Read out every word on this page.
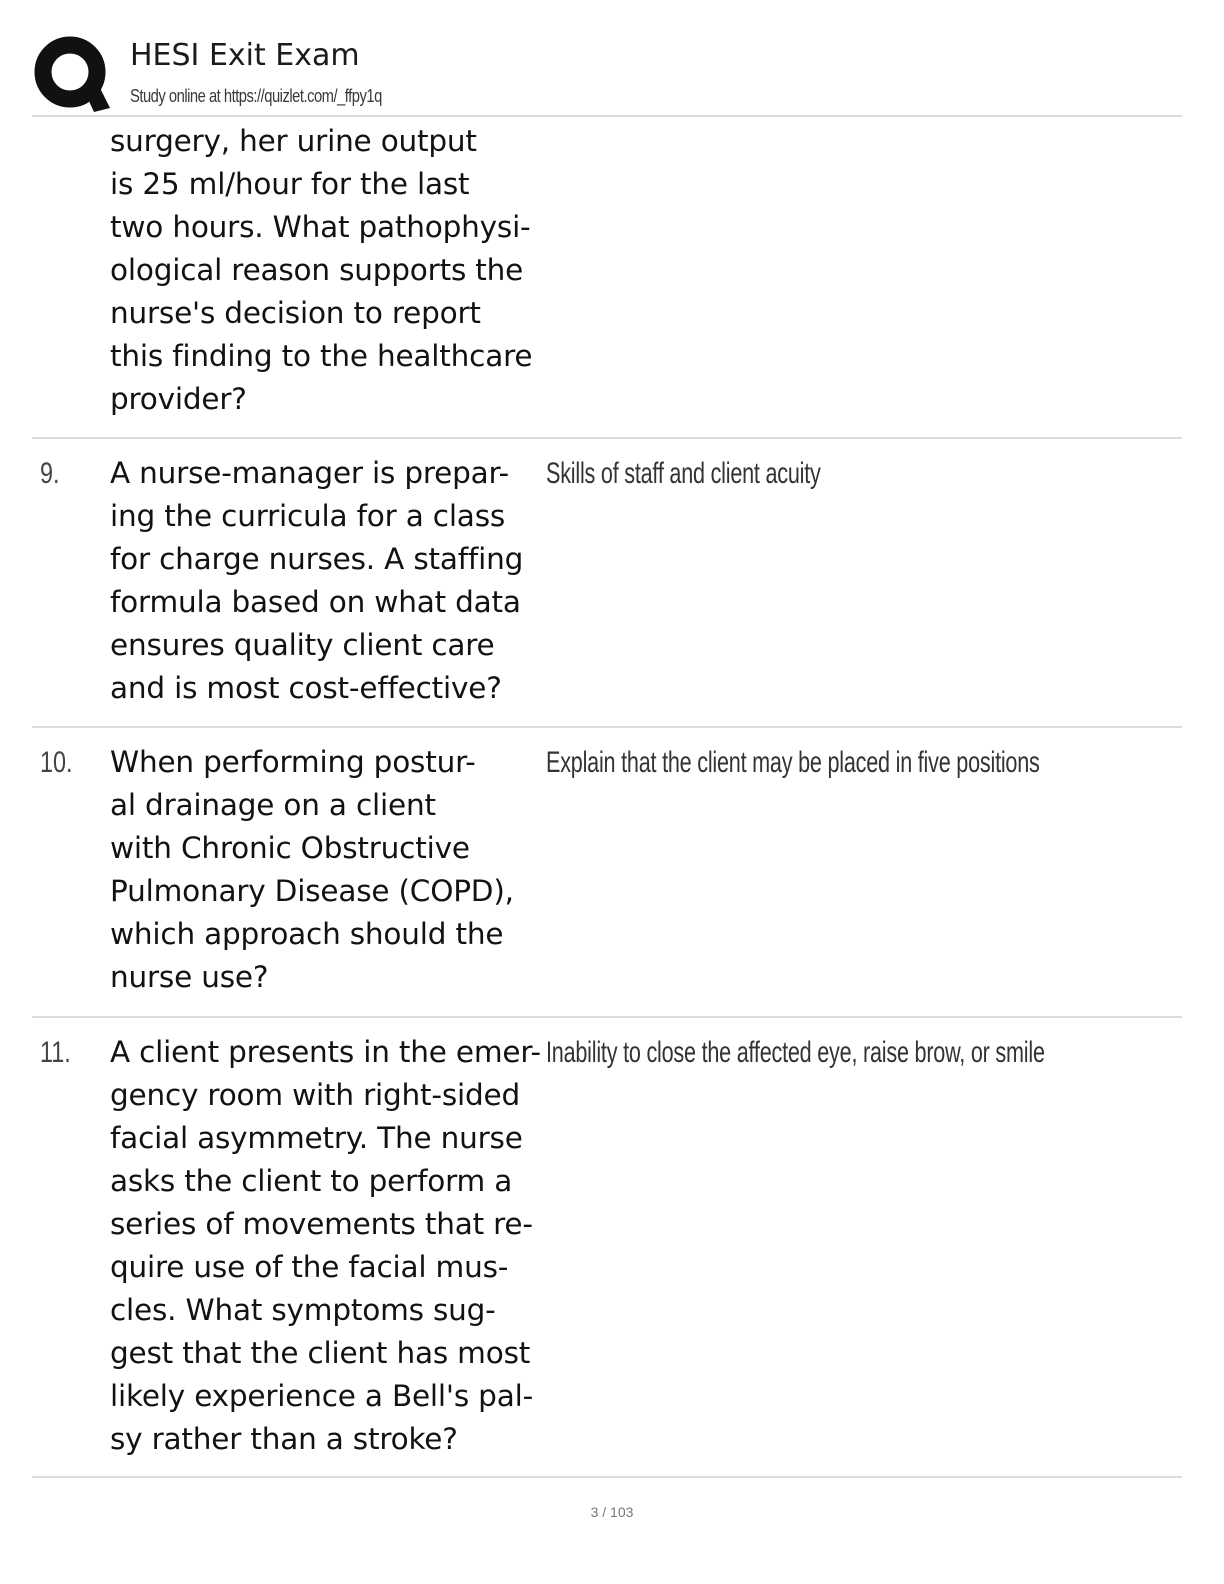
HESI Exit Exam
Study online at https://quizlet.com/_ffpy1q
surgery, her urine output
is 25 ml/hour for the last
two hours. What pathophysi-
ological reason supports the
nurse's decision to report
this finding to the healthcare
provider?
9. A nurse-manager is prepar-
ing the curricula for a class
for charge nurses. A staffing
formula based on what data
ensures quality client care
and is most cost-effective?
Skills of staff and client acuity
10. When performing postur-
al drainage on a client
with Chronic Obstructive
Pulmonary Disease (COPD),
which approach should the
nurse use?
Explain that the client may be placed in five positions
11. A client presents in the emer-
gency room with right-sided
facial asymmetry. The nurse
asks the client to perform a
series of movements that re-
quire use of the facial mus-
cles. What symptoms sug-
gest that the client has most
likely experience a Bell's pal-
sy rather than a stroke?
Inability to close the affected eye, raise brow, or smile
3 / 103
